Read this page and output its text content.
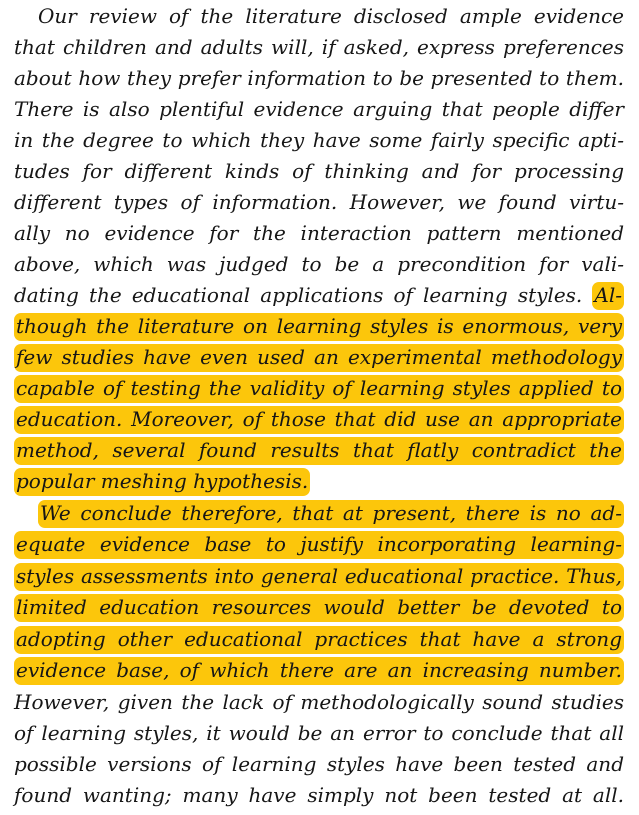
Our review of the literature disclosed ample evidence
that children and adults will, if asked, express preferences
about how they prefer information to be presented to them.
There is also plentiful evidence arguing that people differ
in the degree to which they have some fairly specific apti-
tudes for different kinds of thinking and for processing
different types of information. However, we found virtu-
ally no evidence for the interaction pattern mentioned
above, which was judged to be a precondition for vali-
dating the educational applications of learning styles. Al-
though the literature on learning styles is enormous, very
few studies have even used an experimental methodology
capable of testing the validity of learning styles applied to
education. Moreover, of those that did use an appropriate
method, several found results that flatly contradict the
popular meshing hypothesis.
We conclude therefore, that at present, there is no ad-
equate evidence base to justify incorporating learning-
styles assessments into general educational practice. Thus,
limited education resources would better be devoted to
adopting other educational practices that have a strong
evidence base, of which there are an increasing number.
However, given the lack of methodologically sound studies
of learning styles, it would be an error to conclude that all
possible versions of learning styles have been tested and
found wanting; many have simply not been tested at all.
